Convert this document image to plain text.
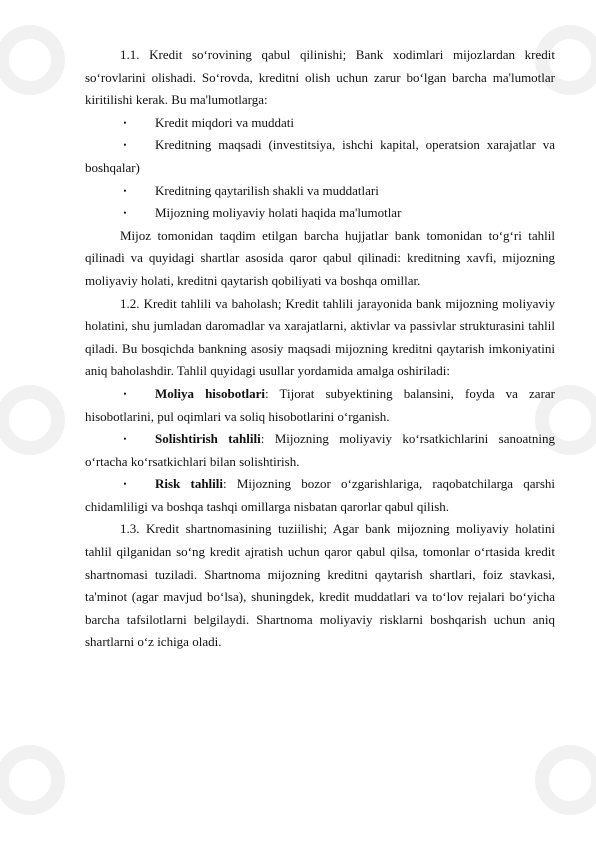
1.1. Kredit so‘rovining qabul qilinishi; Bank xodimlari mijozlardan kredit so‘rovlarini olishadi. So‘rovda, kreditni olish uchun zarur bo‘lgan barcha ma'lumotlar kiritilishi kerak. Bu ma'lumotlarga:

• Kredit miqdori va muddati

• Kreditning maqsadi (investitsiya, ishchi kapital, operatsion xarajatlar va boshqalar)

• Kreditning qaytarilish shakli va muddatlari

• Mijozning moliyaviy holati haqida ma'lumotlar

Mijoz tomonidan taqdim etilgan barcha hujjatlar bank tomonidan to‘g‘ri tahlil qilinadi va quyidagi shartlar asosida qaror qabul qilinadi: kreditning xavfi, mijozning moliyaviy holati, kreditni qaytarish qobiliyati va boshqa omillar.

1.2. Kredit tahlili va baholash; Kredit tahlili jarayonida bank mijozning moliyaviy holatini, shu jumladan daromadlar va xarajatlarni, aktivlar va passivlar strukturasini tahlil qiladi. Bu bosqichda bankning asosiy maqsadi mijozning kreditni qaytarish imkoniyatini aniq baholashdir. Tahlil quyidagi usullar yordamida amalga oshiriladi:

• Moliya hisobotlari: Tijorat subyektining balansini, foyda va zarar hisobotlarini, pul oqimlari va soliq hisobotlarini o‘rganish.

• Solishtirish tahlili: Mijozning moliyaviy ko‘rsatkichlarini sanoatning o‘rtacha ko‘rsatkichlari bilan solishtirish.

• Risk tahlili: Mijozning bozor o‘zgarishlariga, raqobatchilarga qarshi chidamliligi va boshqa tashqi omillarga nisbatan qarorlar qabul qilish.

1.3. Kredit shartnomasining tuziilishi; Agar bank mijozning moliyaviy holatini tahlil qilganidan so‘ng kredit ajratish uchun qaror qabul qilsa, tomonlar o‘rtasida kredit shartnomasi tuziladi. Shartnoma mijozning kreditni qaytarish shartlari, foiz stavkasi, ta'minot (agar mavjud bo‘lsa), shuningdek, kredit muddatlari va to‘lov rejalari bo‘yicha barcha tafsilotlarni belgilaydi. Shartnoma moliyaviy risklarni boshqarish uchun aniq shartlarni o‘z ichiga oladi.
